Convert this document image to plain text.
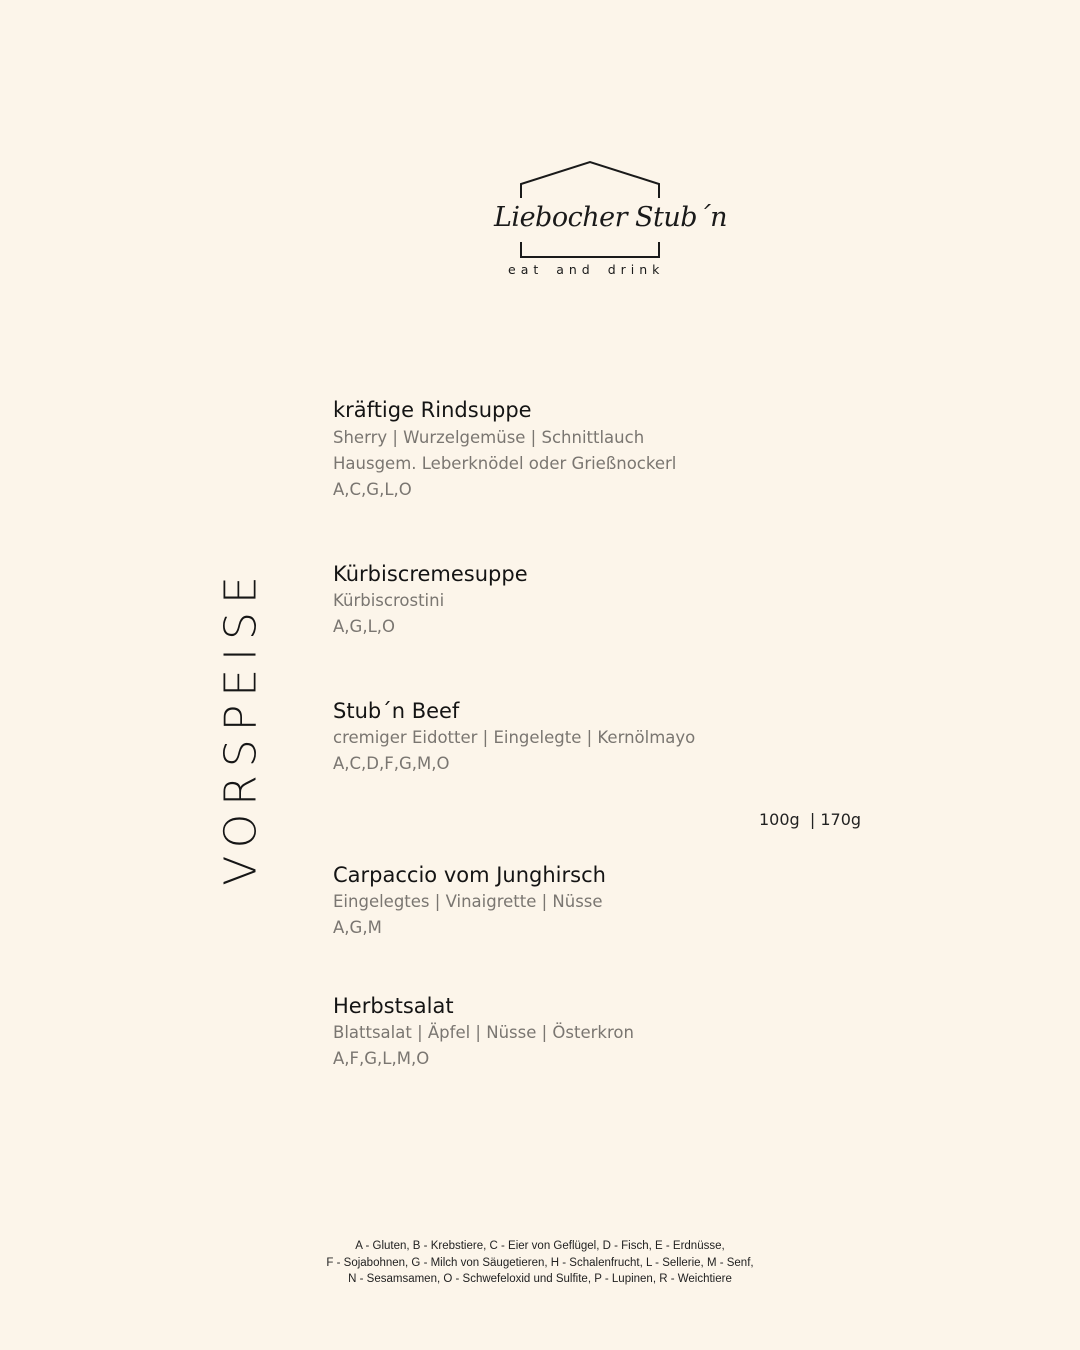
Liebocher Stub´n
eat and drink
VORSPEISE
kräftige Rindsuppe
Sherry | Wurzelgemüse | Schnittlauch
Hausgem. Leberknödel oder Grießnockerl
A,C,G,L,O
Kürbiscremesuppe
Kürbiscrostini
A,G,L,O
Stub´n Beef
cremiger Eidotter | Eingelegte | Kernölmayo
A,C,D,F,G,M,O
100g  | 170g
Carpaccio vom Junghirsch
Eingelegtes | Vinaigrette | Nüsse
A,G,M
Herbstsalat
Blattsalat | Äpfel | Nüsse | Österkron
A,F,G,L,M,O
A - Gluten, B - Krebstiere, C - Eier von Geflügel, D - Fisch, E - Erdnüsse,
F - Sojabohnen, G - Milch von Säugetieren, H - Schalenfrucht, L - Sellerie, M - Senf,
N - Sesamsamen, O - Schwefeloxid und Sulfite, P - Lupinen, R - Weichtiere
